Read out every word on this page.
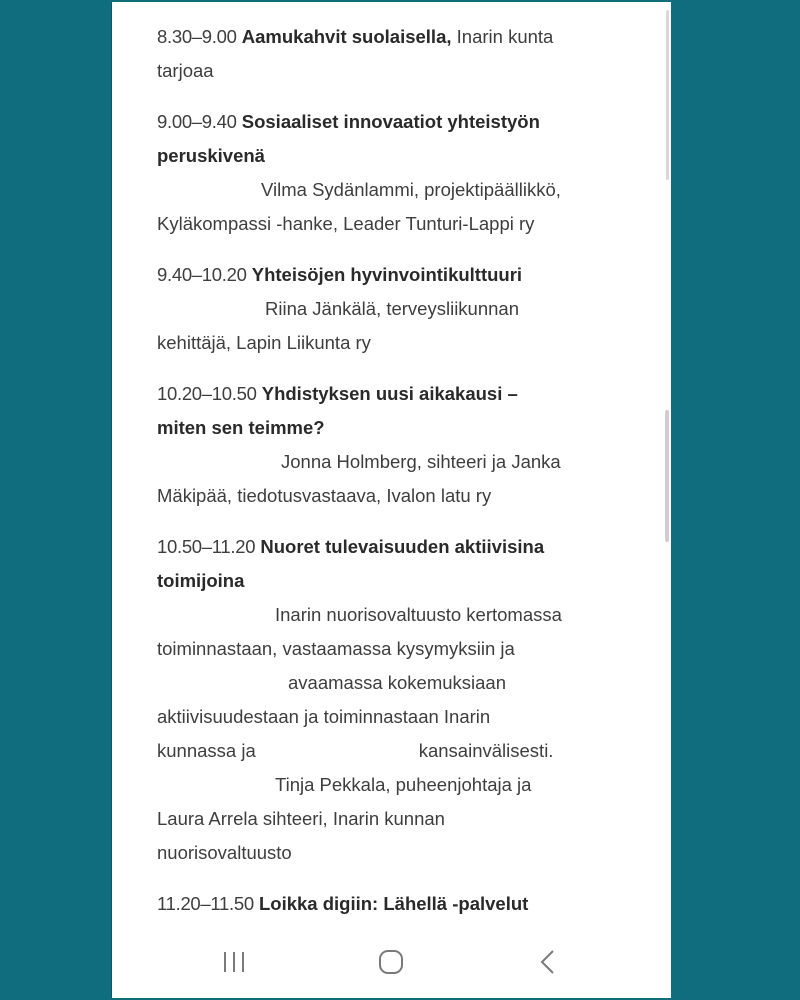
8.30–9.00 Aamukahvit suolaisella, Inarin kunta
tarjoaa
9.00–9.40 Sosiaaliset innovaatiot yhteistyön
peruskivenä
Vilma Sydänlammi, projektipäällikkö,
Kyläkompassi -hanke, Leader Tunturi-Lappi ry
9.40–10.20 Yhteisöjen hyvinvointikulttuuri
Riina Jänkälä, terveysliikunnan
kehittäjä, Lapin Liikunta ry
10.20–10.50 Yhdistyksen uusi aikakausi –
miten sen teimme?
Jonna Holmberg, sihteeri ja Janka
Mäkipää, tiedotusvastaava, Ivalon latu ry
10.50–11.20 Nuoret tulevaisuuden aktiivisina
toimijoina
Inarin nuorisovaltuusto kertomassa
toiminnastaan, vastaamassa kysymyksiin ja
avaamassa kokemuksiaan
aktiivisuudestaan ja toiminnastaan Inarin
kunnassa ja	kansainvälisesti.
Tinja Pekkala, puheenjohtaja ja
Laura Arrela sihteeri, Inarin kunnan
nuorisovaltuusto
11.20–11.50 Loikka digiin: Lähellä -palvelut
